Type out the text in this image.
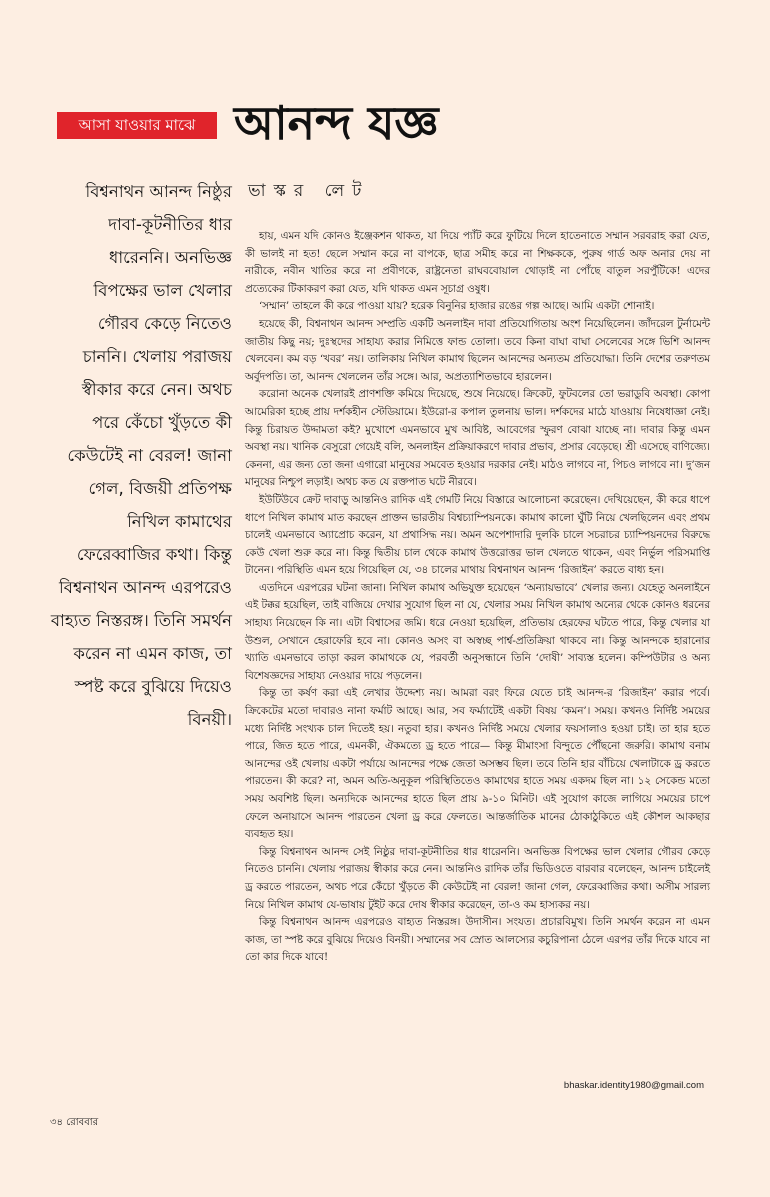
আসা যাওয়ার মাঝে আনন্দ যজ্ঞ
বিশ্বনাথন আনন্দ নিষ্ঠুর দাবা-কূটনীতির ধার ধারেননি। অনভিজ্ঞ বিপক্ষের ভাল খেলার গৌরব কেড়ে নিতেও চাননি। খেলায় পরাজয় স্বীকার করে নেন। অথচ পরে কেঁচো খুঁড়তে কী কেউটেই না বেরল! জানা গেল, বিজয়ী প্রতিপক্ষ নিখিল কামাথের ফেরেব্বাজির কথা। কিন্তু বিশ্বনাথন আনন্দ এরপরেও বাহ্যত নিস্তরঙ্গ। তিনি সমর্থন করেন না এমন কাজ, তা স্পষ্ট করে বুঝিয়ে দিয়েও বিনয়ী।
ভাস্কর লেট

হায়, এমন যদি কোনও ইঞ্জেকশন থাকত, যা দিয়ে প্যাঁট করে ফুটিয়ে দিলে হাতেনাতে সম্মান সরবরাহ করা যেত, কী ভালই না হত! ছেলে সম্মান করে না বাপকে, ছাত্র সমীহ করে না শিক্ষককে, পুরুষ গার্ড অফ অনার দেয় না নারীকে, নবীন খাতির করে না প্রবীণকে, রাষ্ট্রনেতা রাঘববোয়াল থোড়াই না পোঁছে বাতুল সরপুঁটিকে! এদের প্রত্যেকের টিকাকরণ করা যেত, যদি থাকত এমন সূচাগ্র ওষুধ।

‘সম্মান’ তাহলে কী করে পাওয়া যায়? হরেক বিনুনির হাজার রঙের গল্প আছে। আমি একটা শোনাই।

হয়েছে কী, বিশ্বনাথন আনন্দ সম্প্রতি একটি অনলাইন দাবা প্রতিযোগিতায় অংশ নিয়েছিলেন। জাঁদরেল টুর্নামেন্ট জাতীয় কিছু নয়; দুঃস্থদের সাহায্য করার নিমিত্তে ফান্ড তোলা। তবে কিনা বাঘা বাঘা সেলেবের সঙ্গে ভিশি আনন্দ খেলবেন। কম বড় ‘খবর’ নয়। তালিকায় নিখিল কামাথ ছিলেন আনন্দের অন্যতম প্রতিযোদ্ধা। তিনি দেশের তরুণতম অর্বুদপতি। তা, আনন্দ খেললেন তাঁর সঙ্গে। আর, অপ্রত্যাশিতভাবে হারলেন।

করোনা অনেক খেলারই প্রাণশক্তি কমিয়ে দিয়েছে, শুষে নিয়েছে। ক্রিকেট, ফুটবলের তো ভরাডুবি অবস্থা। কোপা আমেরিকা হচ্ছে প্রায় দর্শকহীন স্টেডিয়ামে। ইউরো-র কপাল তুলনায় ভাল। দর্শকদের মাঠে যাওয়ায় নিষেধাজ্ঞা নেই। কিন্তু চিরায়ত উদ্দামতা কই? মুখোশে এমনভাবে মুখ আবিষ্ট, আবেগের স্ফুরণ বোঝা যাচ্ছে না। দাবার কিন্তু এমন অবস্থা নয়। খানিক বেসুরো গেয়েই বলি, অনলাইন প্রক্রিয়াকরণে দাবার প্রভাব, প্রসার বেড়েছে। শ্রী এসেছে বাণিজ্যে। কেননা, এর জন্য তো জনা এগারো মানুষের সমবেত হওয়ার দরকার নেই। মাঠও লাগবে না, পিচও লাগবে না। দু’জন মানুষের নিশ্চুপ লড়াই। অথচ কত যে রক্তপাত ঘটে নীরবে।

ইউটিউবে ক্রেট দাবাড়ু আন্তনিও রাদিক এই গেমটি নিয়ে বিস্তারে আলোচনা করেছেন। দেখিয়েছেন, কী করে ধাপে ধাপে নিখিল কামাথ মাত করছেন প্রাক্তন ভারতীয় বিশ্বচ্যাম্পিয়নকে। কামাথ কালো ঘুঁটি নিয়ে খেলছিলেন এবং প্রথম চালেই এমনভাবে অ্যাপ্রোচ করেন, যা প্রথাসিদ্ধ নয়। অমন অপেশাদারি দুলকি চালে সচরাচর চ্যাম্পিয়নদের বিরুদ্ধে কেউ খেলা শুরু করে না। কিন্তু দ্বিতীয় চাল থেকে কামাথ উত্তরোত্তর ভাল খেলতে থাকেন, এবং নির্ভুল পরিসমাপ্তি টানেন। পরিস্থিতি এমন হয়ে গিয়েছিল যে, ৩৪ চালের মাথায় বিশ্বনাথন আনন্দ ‘রিজাইন’ করতে বাধ্য হন।

এতদিনে এরপরের ঘটনা জানা। নিখিল কামাথ অভিযুক্ত হয়েছেন ‘অন্যায়ভাবে’ খেলার জন্য। যেহেতু অনলাইনে এই টক্কর হয়েছিল, তাই বাজিয়ে দেখার সুযোগ ছিল না যে, খেলার সময় নিখিল কামাথ অন্যের থেকে কোনও ধরনের সাহায্য নিয়েছেন কি না। এটা বিশ্বাসের জমি। ধরে নেওয়া হয়েছিল, প্রতিভায় হেরফের ঘটতে পারে, কিন্তু খেলার যা উশুল, সেখানে হেরাফেরি হবে না। কোনও অসং বা অস্বচ্ছ পার্শ্ব-প্রতিক্রিয়া থাকবে না। কিন্তু আনন্দকে হারানোর খ্যাতি এমনভাবে তাড়া করল কামাথকে যে, পরবর্তী অনুসন্ধানে তিনি ‘দোষী’ সাব্যস্ত হলেন। কম্পিউটার ও অন্য বিশেষজ্ঞদের সাহায্য নেওয়ার দায়ে পড়লেন।

কিন্তু তা কর্ষণ করা এই লেখার উদ্দেশ্য নয়। আমরা বরং ফিরে যেতে চাই আনন্দ-র ‘রিজাইন’ করার পর্বে। ক্রিকেটের মতো দাবারও নানা ফর্মাট আছে। আর, সব ফর্ম্যাটেই একটা বিষয় ‘কমন’। সময়। কখনও নির্দিষ্ট সময়ের মধ্যে নির্দিষ্ট সংখ্যক চাল দিতেই হয়। নতুবা হার। কখনও নির্দিষ্ট সময়ে খেলার ফয়সালাও হওয়া চাই। তা হার হতে পারে, জিত হতে পারে, এমনকী, ঐকমত্যে ড্র হতে পারে— কিন্তু মীমাংসা বিন্দুতে পৌঁছনো জরুরি। কামাথ বনাম আনন্দের ওই খেলায় একটা পর্যায়ে আনন্দের পক্ষে জেতা অসম্ভব ছিল। তবে তিনি হার বাঁচিয়ে খেলাটাকে ড্র করতে পারতেন। কী করে? না, অমন অতি-অনুকূল পরিস্থিতিতেও কামাথের হাতে সময় একদম ছিল না। ১২ সেকেন্ড মতো সময় অবশিষ্ট ছিল। অন্যদিকে আনন্দের হাতে ছিল প্রায় ৯-১০ মিনিট। এই সুযোগ কাজে লাগিয়ে সময়ের চাপে ফেলে অনায়াসে আনন্দ পারতেন খেলা ড্র করে ফেলতে। আন্তর্জাতিক মানের ঠোকাঠুকিতে এই কৌশল আকছার ব্যবহৃত হয়।

কিন্তু বিশ্বনাথন আনন্দ সেই নিষ্ঠুর দাবা-কূটনীতির ধার ধারেননি। অনভিজ্ঞ বিপক্ষের ভাল খেলার গৌরব কেড়ে নিতেও চাননি। খেলায় পরাজয় স্বীকার করে নেন। আন্তনিও রাদিক তাঁর ভিডিওতে বারবার বলেছেন, আনন্দ চাইলেই ড্র করতে পারতেন, অথচ পরে কেঁচো খুঁড়তে কী কেউটেই না বেরল! জানা গেল, ফেরেব্বাজির কথা। অসীম সারল্য নিয়ে নিখিল কামাথ যে-ভাষায় টুইট করে দোষ স্বীকার করেছেন, তা-ও কম হাস্যকর নয়।

কিন্তু বিশ্বনাথন আনন্দ এরপরেও বাহ্যত নিস্তরঙ্গ। উদাসীন। সংযত। প্রচারবিমুখ। তিনি সমর্থন করেন না এমন কাজ, তা স্পষ্ট করে বুঝিয়ে দিয়েও বিনয়ী। সম্মানের সব স্রোত আলস্যের কচুরিপানা ঠেলে এরপর তাঁর দিকে যাবে না তো কার দিকে যাবে!

bhaskar.identity1980@gmail.com
৩৪ রোববার
